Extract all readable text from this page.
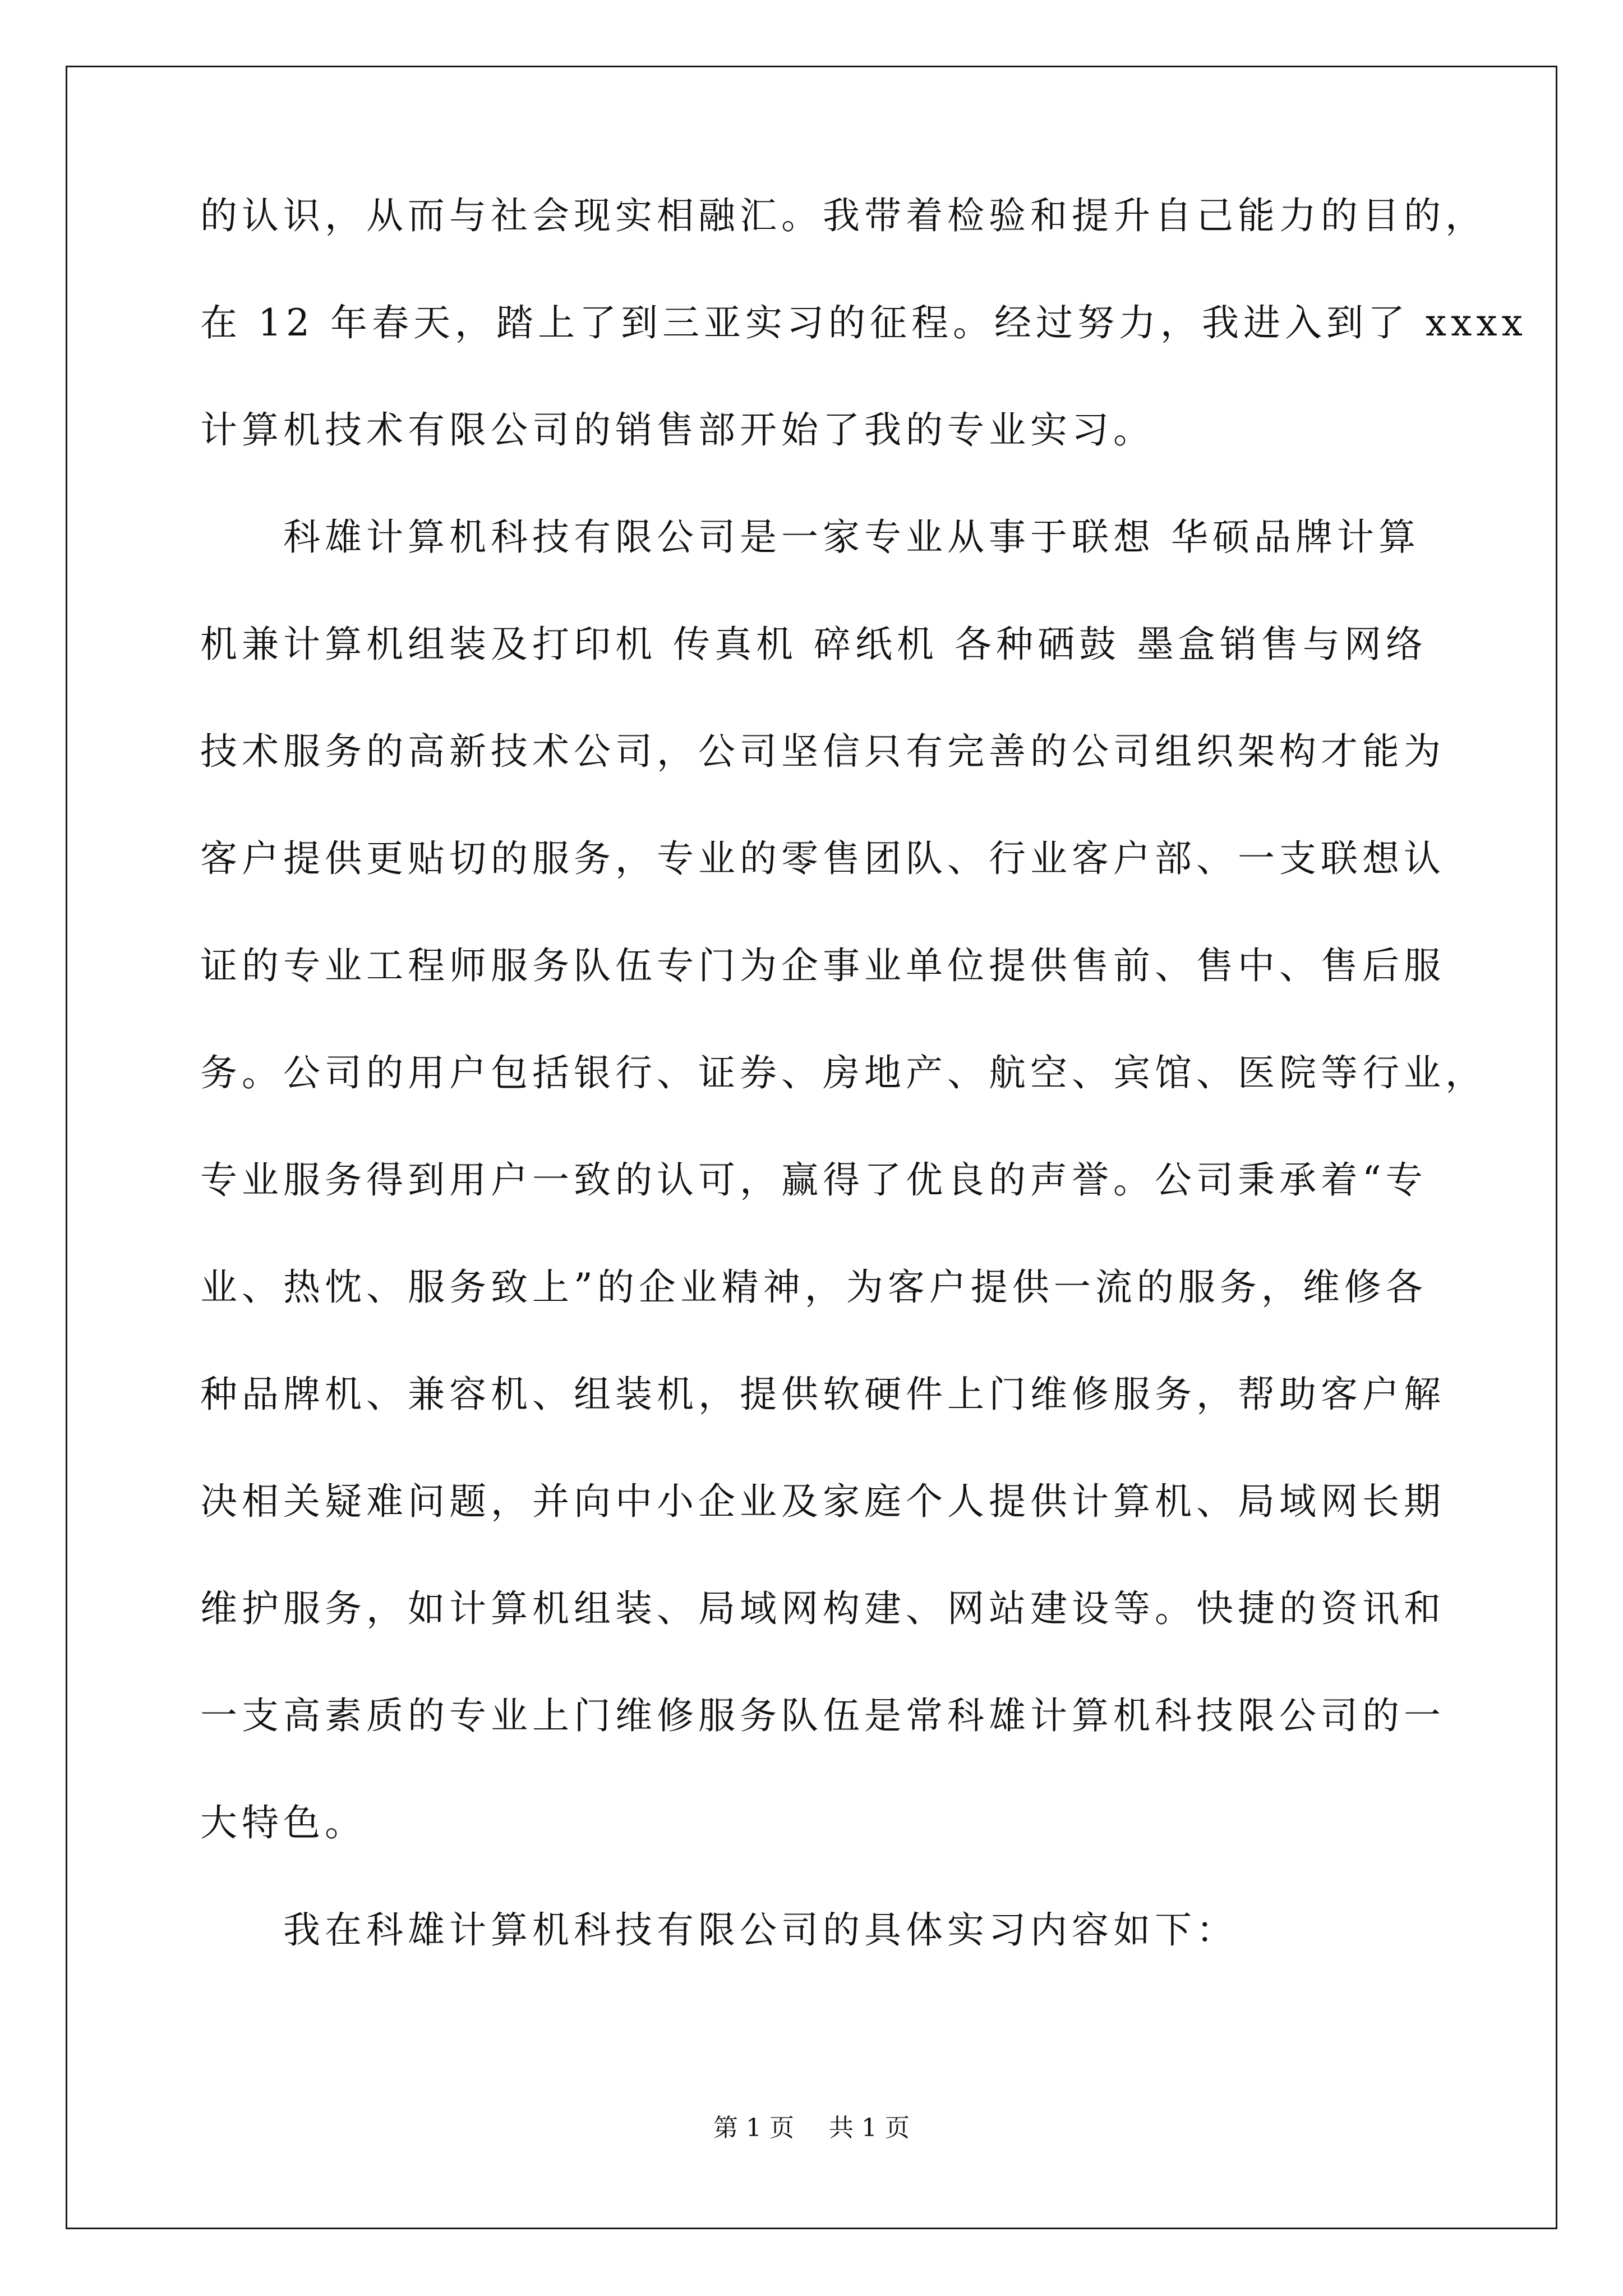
的认识，从而与社会现实相融汇。我带着检验和提升自己能力的目的，
在 12 年春天，踏上了到三亚实习的征程。经过努力，我进入到了 xxxx
计算机技术有限公司的销售部开始了我的专业实习。
科雄计算机科技有限公司是一家专业从事于联想 华硕品牌计算
机兼计算机组装及打印机 传真机 碎纸机 各种硒鼓 墨盒销售与网络
技术服务的高新技术公司，公司坚信只有完善的公司组织架构才能为
客户提供更贴切的服务，专业的零售团队、行业客户部、一支联想认
证的专业工程师服务队伍专门为企事业单位提供售前、售中、售后服
务。公司的用户包括银行、证券、房地产、航空、宾馆、医院等行业，
专业服务得到用户一致的认可，赢得了优良的声誉。公司秉承着“专
业、热忱、服务致上”的企业精神，为客户提供一流的服务，维修各
种品牌机、兼容机、组装机，提供软硬件上门维修服务，帮助客户解
决相关疑难问题，并向中小企业及家庭个人提供计算机、局域网长期
维护服务，如计算机组装、局域网构建、网站建设等。快捷的资讯和
一支高素质的专业上门维修服务队伍是常科雄计算机科技限公司的一
大特色。
我在科雄计算机科技有限公司的具体实习内容如下：
第 1 页 共 1 页
